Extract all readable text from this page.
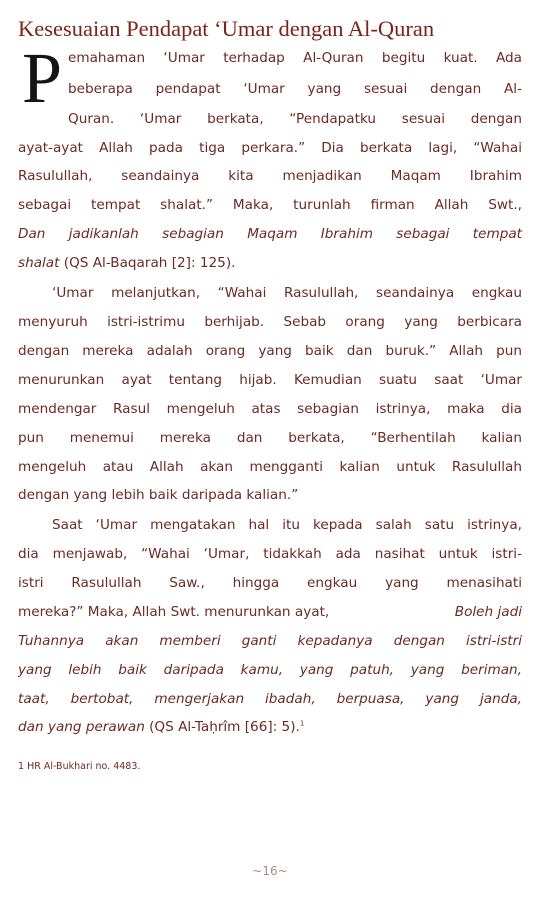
Kesesuaian Pendapat ‘Umar dengan Al-Quran
P emahaman ‘Umar terhadap Al-Quran begitu kuat. Ada
beberapa pendapat ‘Umar yang sesuai dengan Al-
Quran. ‘Umar berkata, “Pendapatku sesuai dengan
ayat-ayat Allah pada tiga perkara.” Dia berkata lagi, “Wahai
Rasulullah, seandainya kita menjadikan Maqam Ibrahim
sebagai tempat shalat.” Maka, turunlah firman Allah Swt.,
Dan jadikanlah sebagian Maqam Ibrahim sebagai tempat
shalat (QS Al-Baqarah [2]: 125).
‘Umar melanjutkan, “Wahai Rasulullah, seandainya engkau
menyuruh istri-istrimu berhijab. Sebab orang yang berbicara
dengan mereka adalah orang yang baik dan buruk.” Allah pun
menurunkan ayat tentang hijab. Kemudian suatu saat ‘Umar
mendengar Rasul mengeluh atas sebagian istrinya, maka dia
pun menemui mereka dan berkata, “Berhentilah kalian
mengeluh atau Allah akan mengganti kalian untuk Rasulullah
dengan yang lebih baik daripada kalian.”
Saat ‘Umar mengatakan hal itu kepada salah satu istrinya,
dia menjawab, “Wahai ‘Umar, tidakkah ada nasihat untuk istri-
istri Rasulullah Saw., hingga engkau yang menasihati
mereka?” Maka, Allah Swt. menurunkan ayat,	Boleh jadi
Tuhannya akan memberi ganti kepadanya dengan istri-istri
yang lebih baik daripada kamu, yang patuh, yang beriman,
taat, bertobat, mengerjakan ibadah, berpuasa, yang janda,
dan yang perawan (QS Al-Taḥrîm [66]: 5).$^1$
1 HR Al-Bukhari no. 4483.
~16~
